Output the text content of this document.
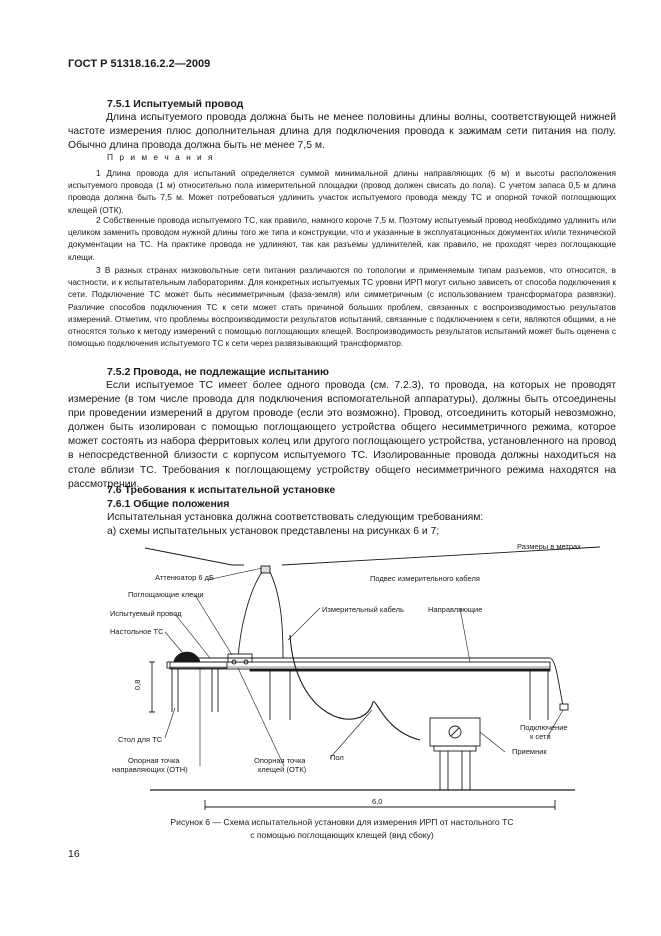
ГОСТ Р 51318.16.2.2—2009
7.5.1 Испытуемый провод
Длина испытуемого провода должна быть не менее половины длины волны, соответствующей нижней частоте измерения плюс дополнительная длина для подключения провода к зажимам сети питания на полу. Обычно длина провода должна быть не менее 7,5 м.
П р и м е ч а н и я
1 Длина провода для испытаний определяется суммой минимальной длины направляющих (6 м) и высоты расположения испытуемого провода (1 м) относительно пола измерительной площадки (провод должен свисать до пола). С учетом запаса 0,5 м длина провода должна быть 7,5 м. Может потребоваться удлинить участок испытуемого провода между ТС и опорной точкой поглощающих клещей (ОТК).
2 Собственные провода испытуемого ТС, как правило, намного короче 7,5 м. Поэтому испытуемый провод необходимо удлинить или целиком заменить проводом нужной длины того же типа и конструкции, что и указанные в эксплуатационных документах и/или технической документации на ТС. На практике провода не удлиняют, так как разъемы удлинителей, как правило, не проходят через поглощающие клещи.
3 В разных странах низковольтные сети питания различаются по топологии и применяемым типам разъемов, что относится, в частности, и к испытательным лабораториям. Для конкретных испытуемых ТС уровни ИРП могут сильно зависеть от способа подключения к сети. Подключение ТС может быть несимметричным (фаза-земля) или симметричным (с использованием трансформатора развязки). Различие способов подключения ТС к сети может стать причиной больших проблем, связанных с воспроизводимостью результатов измерений. Отметим, что проблемы воспроизводимости результатов испытаний, связанные с подключением к сети, являются общими, а не относятся только к методу измерений с помощью поглощающих клещей. Воспроизводимость результатов испытаний может быть оценена с помощью подключения испытуемого ТС к сети через развязывающий трансформатор.
7.5.2 Провода, не подлежащие испытанию
Если испытуемое ТС имеет более одного провода (см. 7.2.3), то провода, на которых не проводят измерение (в том числе провода для подключения вспомогательной аппаратуры), должны быть отсоединены при проведении измерений в другом проводе (если это возможно). Провод, отсоединить который невозможно, должен быть изолирован с помощью поглощающего устройства общего несимметричного режима, которое может состоять из набора ферритовых колец или другого поглощающего устройства, установленного на провод в непосредственной близости с корпусом испытуемого ТС. Изолированные провода должны находиться на столе вблизи ТС. Требования к поглощающему устройству общего несимметричного режима находятся на рассмотрении.
7.6 Требования к испытательной установке
7.6.1 Общие положения
Испытательная установка должна соответствовать следующим требованиям:
а) схемы испытательных установок представлены на рисунках 6 и 7;
Размеры в метрах
Аттенюатор 6 дБ	Подвес измерительного кабеля
Поглощающие клещи
Испытуемый провод	Измерительный кабель	Направляющие
Настольное ТС
0,8
Подключение
к сети
Приемник
Стол для ТС
Опорная точка
направляющих (ОТН)
Пол
Опорная точка
клещей (ОТК)
6,0
Рисунок 6 — Схема испытательной установки для измерения ИРП от настольного ТС
с помощью поглощающих клещей (вид сбоку)
16
